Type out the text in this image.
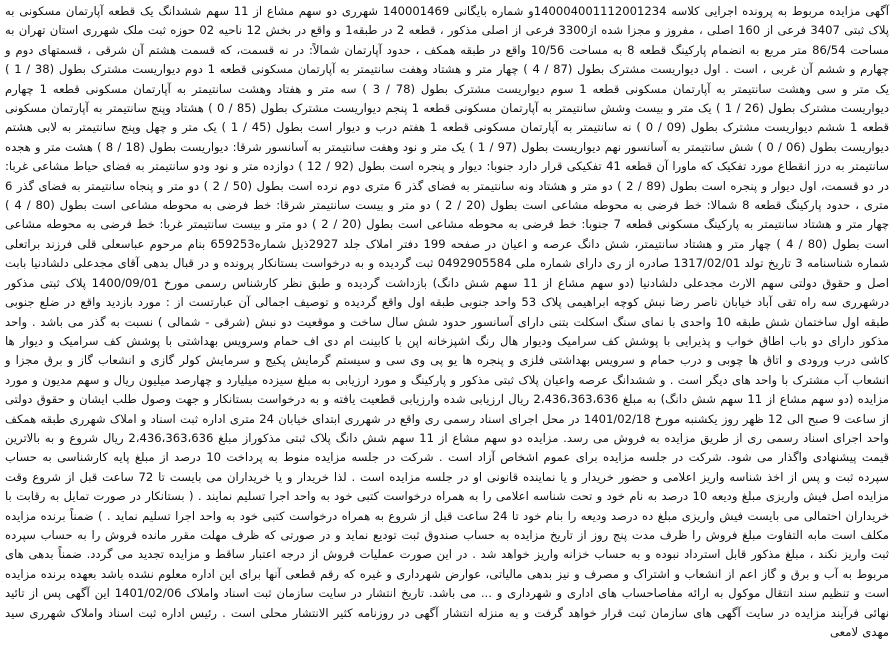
آگهی مزایده مربوط به پرونده اجرایی کلاسه 140004001112001234و شماره بایگانی 140001469 شهرری دو سهم مشاع از 11 سهم ششدانگ یک قطعه آپارتمان مسکونی به پلاک ثبتی 3407 فرعی از 160 اصلی ، مفروز و مجزا شده از3300 فرعی از اصلی مذکور ، قطعه 2 در طبقه1 و واقع در بخش 12 ناحیه 02 حوزه ثبت ملک شهرری استان تهران به مساحت 86/54 متر مربع به انضمام پارکینگ قطعه 8 به مساحت 10/56 واقع در طبقه همکف ، حدود آپارتمان شمالاً: در نه قسمت، که قسمت هشتم آن شرقی ، قسمتهای دوم و چهارم و ششم آن غربی ، است . اول دیواریست مشترک بطول (87 / 4 ) چهار متر و هشتاد وهفت سانتیمتر به آپارتمان مسکونی قطعه 1 دوم دیواریست مشترک بطول (38 / 1 ) یک متر و سی وهشت سانتیمتر به آپارتمان مسکونی قطعه 1 سوم دیواریست مشترک بطول (78 / 3 ) سه متر و هفتاد وهشت سانتیمتر به آپارتمان مسکونی قطعه 1 چهارم دیواریست مشترک بطول (26 / 1 ) یک متر و بیست وشش سانتیمتر به آپارتمان مسکونی قطعه 1 پنجم دیواریست مشترک بطول (85 / 0 ) هشتاد وپنج سانتیمتر به آپارتمان مسکونی قطعه 1 ششم دیواریست مشترک بطول (09 / 0 ) نه سانتیمتر به آپارتمان مسکونی قطعه 1 هفتم درب و دیوار است بطول (45 / 1 ) یک متر و چهل وپنج سانتیمتر به لابی هشتم دیواریست بطول (06 / 0 ) شش سانتیمتر به آسانسور نهم دیواریست بطول (97 / 1 ) یک متر و نود وهفت سانتیمتر به آسانسور شرقا: دیواریست بطول (18 / 8 ) هشت متر و هجده سانتیمتر به درز انقطاع مورد تفکیک که ماورا آن قطعه 41 تفکیکی قرار دارد جنوبا: دیوار و پنجره است بطول (92 / 12 ) دوازده متر و نود ودو سانتیمتر به فضای حیاط مشاعی غربا: در دو قسمت، اول دیوار و پنجره است بطول (89 / 2 ) دو متر و هشتاد ونه سانتیمتر به فضای گذر 6 متری دوم نرده است بطول (50 / 2 ) دو متر و پنجاه سانتیمتر به فضای گذر 6 متری ، حدود پارکینگ قطعه 8 شمالا: خط فرضی به محوطه مشاعی است بطول (20 / 2 ) دو متر و بیست سانتیمتر شرقا: خط فرضی به محوطه مشاعی است بطول (80 / 4 ) چهار متر و هشتاد سانتیمتر به پارکینگ مسکونی قطعه 7 جنوبا: خط فرضی به محوطه مشاعی است بطول (20 / 2 ) دو متر و بیست سانتیمتر غربا: خط فرضی به محوطه مشاعی است بطول (80 / 4 ) چهار متر و هشتاد سانتیمتر، شش دانگ عرصه و اعیان در صفحه 199 دفتر املاک جلد 2927ذیل شماره659253 بنام مرحوم عباسعلی قلی فرزند براتعلی شماره شناسنامه 3 تاریخ تولد 1317/02/01 صادره از ری دارای شماره ملی 0492905584 ثبت گردیده و به درخواست بستانکار پرونده و در قبال بدهی آقای مجدعلی دلشادنیا بابت اصل و حقوق دولتی سهم الارث مجدعلی دلشادنیا (دو سهم مشاع از 11 سهم شش دانگ) بازداشت گردیده و طبق نظر کارشناس رسمی مورخ 1400/09/01 پلاک ثبتی مذکور درشهرری سه راه تقی آباد خیابان ناصر رضا نبش کوچه ابراهیمی پلاک 53 واحد جنوبی طبقه اول واقع گردیده و توصیف اجمالی آن عبارتست از : مورد بازدید واقع در ضلع جنوبی طبقه اول ساختمان شش طبقه 10 واحدی با نمای سنگ اسکلت بتنی دارای آسانسور حدود شش سال ساخت و موقعیت دو نبش (شرقی - شمالی ) نسبت به گذر می باشد . واحد مذکور دارای دو باب اطاق خواب و پذیرایی با پوشش کف سرامیک ودیوار هال رنگ اشپزخانه اپن با کابینت ام دی اف حمام وسرویس بهداشتی با پوشش کف سرامیک و دیوار ها کاشی درب ورودی و اتاق ها چوبی و درب حمام و سرویس بهداشتی فلزی و پنجره ها یو پی وی سی و سیستم گرمایش پکیج و سرمایش کولر گازی و انشعاب گاز و برق مجزا و انشعاب آب مشترک با واحد های دیگر است . و ششدانگ عرصه واعیان پلاک ثبتی مذکور و پارکینگ و مورد ارزیابی به مبلغ سیزده میلیارد و چهارصد میلیون ریال و سهم مدیون و مورد مزایده (دو سهم مشاع از 11 سهم شش دانگ) به مبلغ 2،436،363،636 ریال ارزیابی شده وارزیابی قطعیت یافته و به درخواست بستانکار و جهت وصول طلب ایشان و حقوق دولتی از ساعت 9 صبح الی 12 ظهر روز یکشنبه مورخ 1401/02/18 در محل اجرای اسناد رسمی ری واقع در شهرری ابتدای خیابان 24 متری اداره ثبت اسناد و املاک شهرری طبقه همکف واحد اجرای اسناد رسمی ری از طریق مزایده به فروش می رسد. مزایده دو سهم مشاع از 11 سهم شش دانگ پلاک ثبتی مذکوراز مبلغ 2،436،363،636 ریال شروع و به بالاترین قیمت پیشنهادی واگذار می شود. شرکت در جلسه مزایده برای عموم اشخاص آزاد است . شرکت در جلسه مزایده منوط به پرداخت 10 درصد از مبلغ پایه کارشناسی به حساب سپرده ثبت و پس از اخذ شناسه واریز اعلامی و حضور خریدار و یا نماینده قانونی او در جلسه مزایده است . لذا خریدار و یا خریداران می بایست تا 72 ساعت قبل از شروع وقت مزایده اصل فیش واریزی مبلغ ودیعه 10 درصد به نام خود و تحت شناسه اعلامی را به همراه درخواست کتبی خود به واحد اجرا تسلیم نمایند . ( بستانکار در صورت تمایل به رقابت با خریداران احتمالی می بایست فیش واریزی مبلغ ده درصد ودیعه را بنام خود تا 24 ساعت قبل از شروع به همراه درخواست کتبی خود به واحد اجرا تسلیم نماید . ) ضمناً برنده مزایده مکلف است مابه التفاوت مبلغ فروش را ظرف مدت پنج روز از تاریخ مزایده به حساب صندوق ثبت تودیع نماید و در صورتی که ظرف مهلت مقرر مانده فروش را به حساب سپرده ثبت واریز نکند ، مبلغ مذکور قابل استرداد نبوده و به حساب خزانه واریز خواهد شد . در این صورت عملیات فروش از درجه اعتبار ساقط و مزایده تجدید می گردد. ضمناً بدهی های مربوط به آب و برق و گاز اعم از انشعاب و اشتراک و مصرف و نیز بدهی مالیاتی، عوارض شهرداری و غیره که رقم قطعی آنها برای این اداره معلوم نشده باشد بعهده برنده مزایده است و تنظیم سند انتقال موکول به ارائه مفاصاحساب های اداری و شهرداری و ... می باشد. تاریخ انتشار در سایت سازمان ثبت اسناد واملاک 1401/02/06 این آگهی پس از تائید نهائی فرآیند مزایده در سایت آگهی های سازمان ثبت قرار خواهد گرفت و به منزله انتشار آگهی در روزنامه کثیر الانتشار محلی است . رئیس اداره ثبت اسناد واملاک شهرری سید مهدی لامعی
